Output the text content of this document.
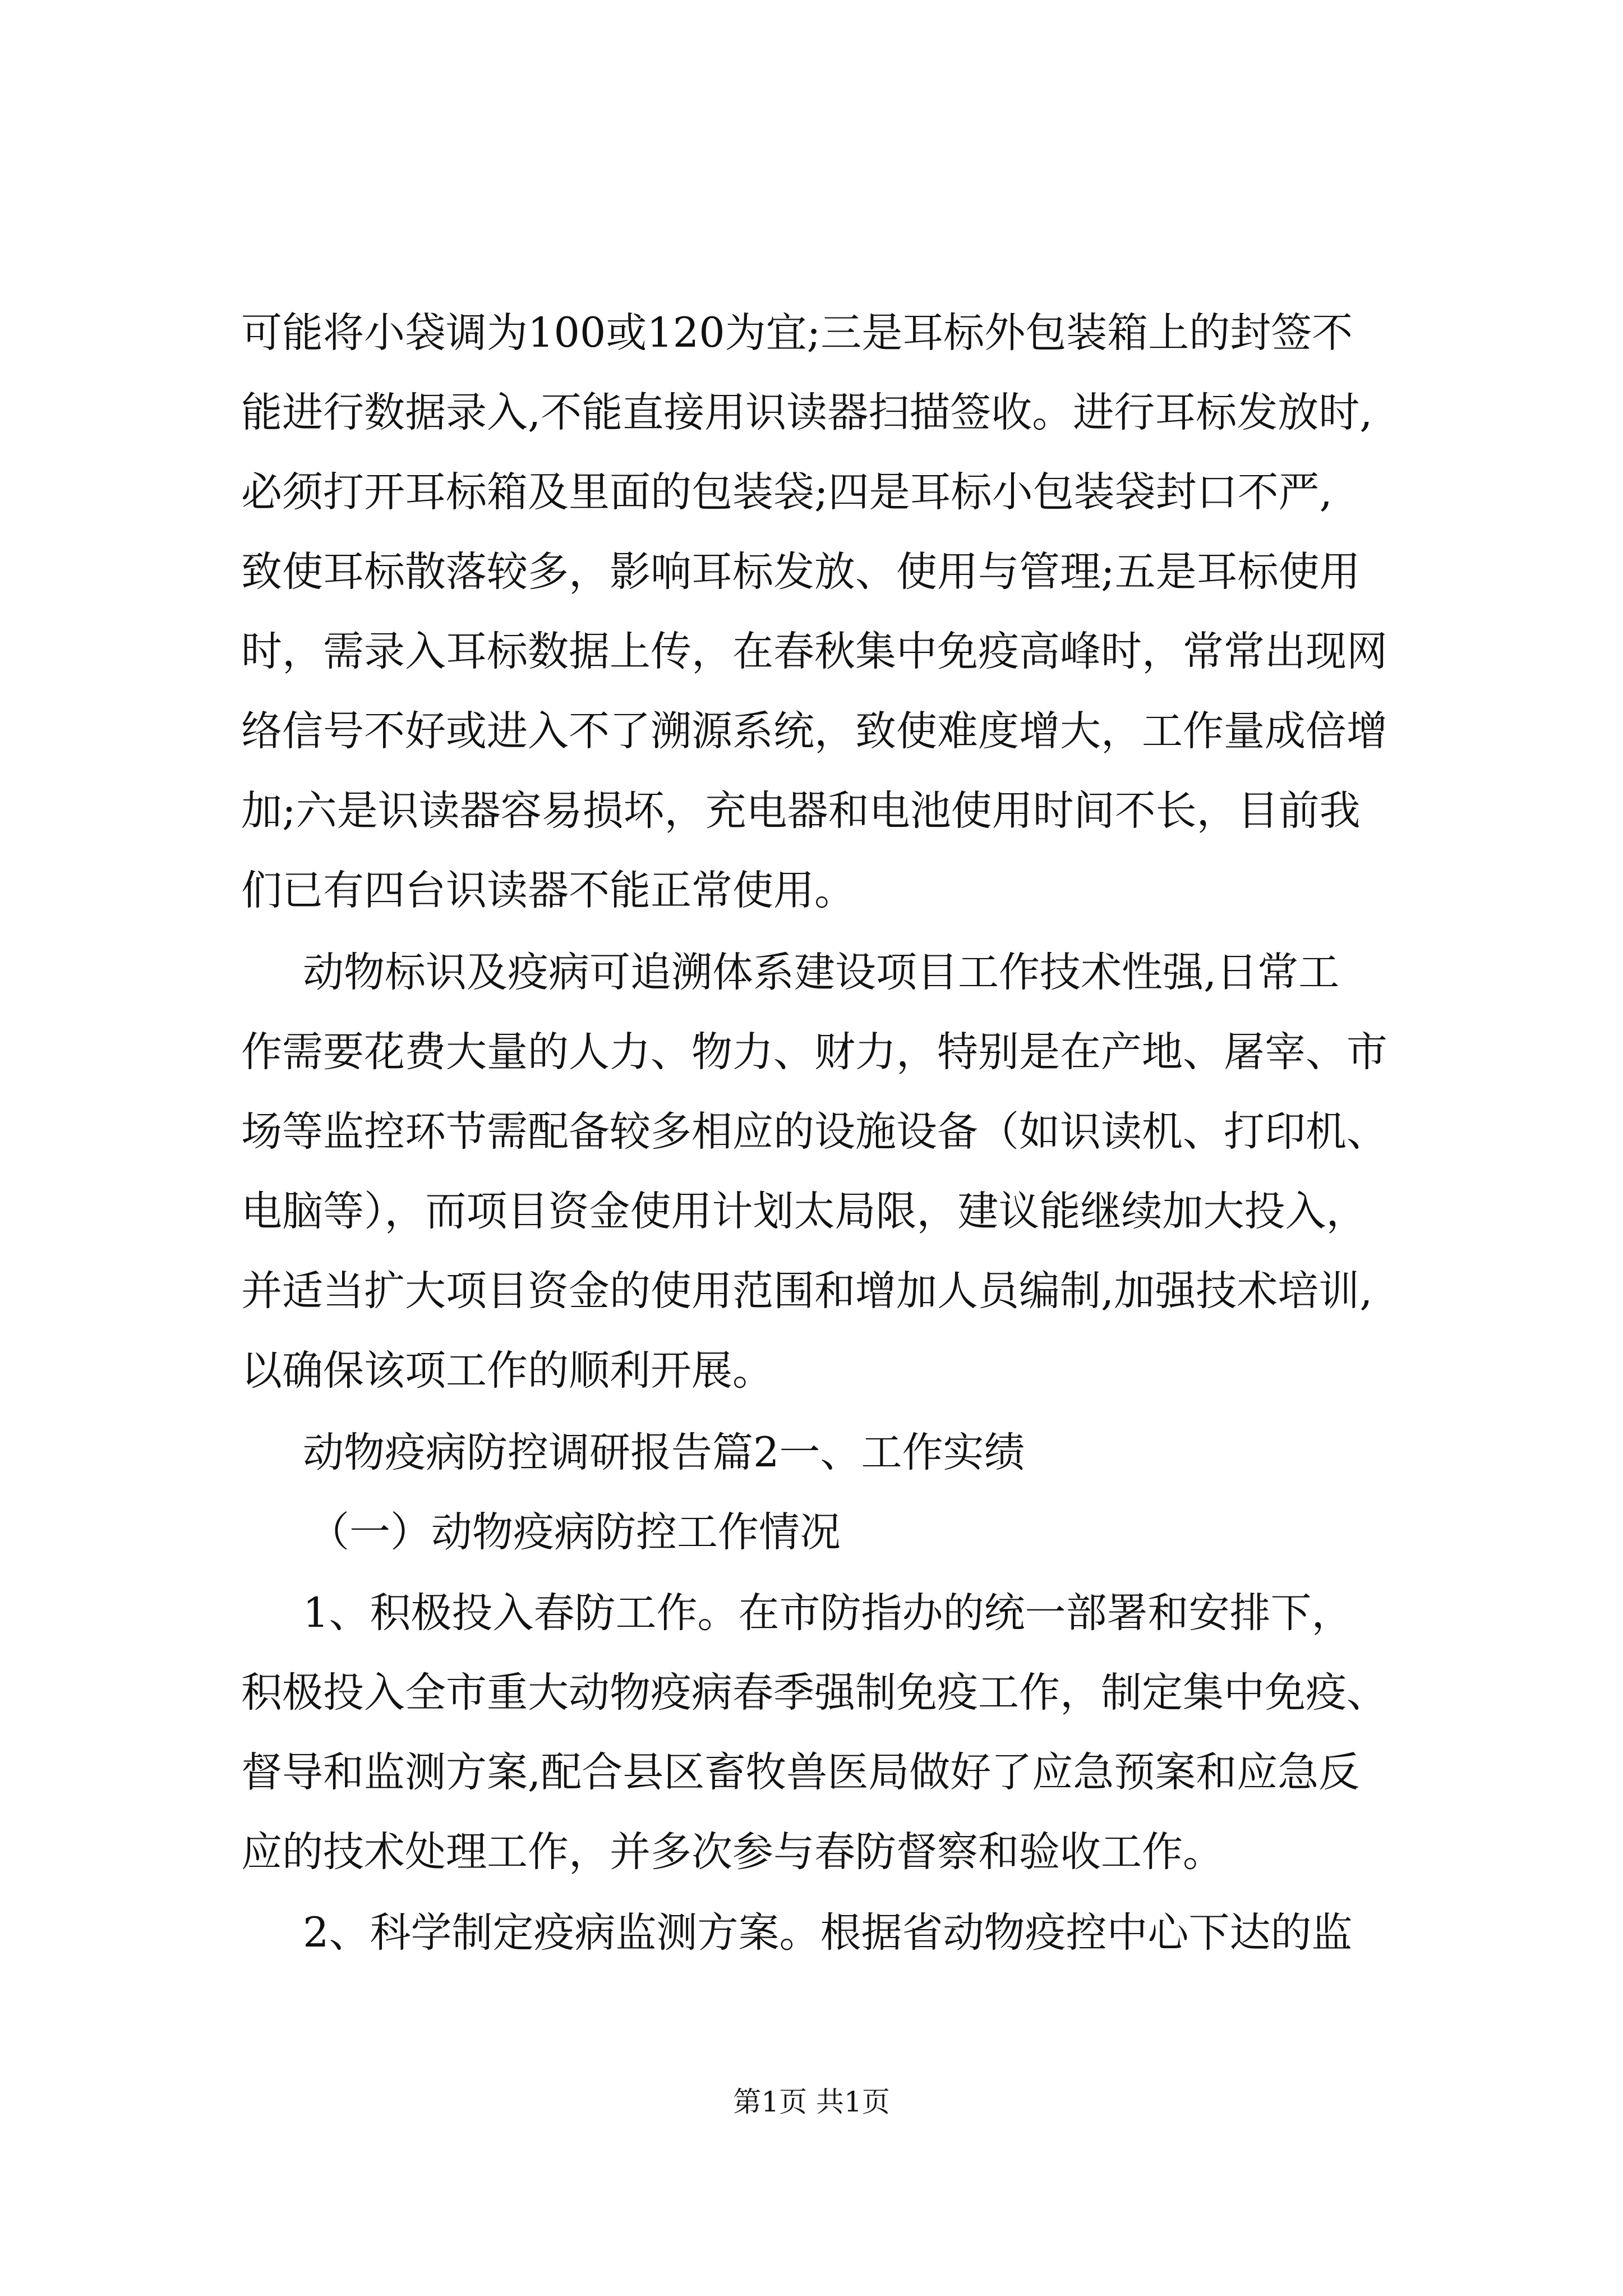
可能将小袋调为100或120为宜;三是耳标外包装箱上的封签不
能进行数据录入,不能直接用识读器扫描签收。进行耳标发放时,
必须打开耳标箱及里面的包装袋;四是耳标小包装袋封口不严,
致使耳标散落较多，影响耳标发放、使用与管理;五是耳标使用
时，需录入耳标数据上传，在春秋集中免疫高峰时，常常出现网
络信号不好或进入不了溯源系统，致使难度增大，工作量成倍增
加;六是识读器容易损坏，充电器和电池使用时间不长，目前我
们已有四台识读器不能正常使用。
动物标识及疫病可追溯体系建设项目工作技术性强,日常工
作需要花费大量的人力、物力、财力，特别是在产地、屠宰、市
场等监控环节需配备较多相应的设施设备（如识读机、打印机、
电脑等），而项目资金使用计划太局限，建议能继续加大投入，
并适当扩大项目资金的使用范围和增加人员编制,加强技术培训,
以确保该项工作的顺利开展。
动物疫病防控调研报告篇2一、工作实绩
（一）动物疫病防控工作情况
1、积极投入春防工作。在市防指办的统一部署和安排下，
积极投入全市重大动物疫病春季强制免疫工作，制定集中免疫、
督导和监测方案,配合县区畜牧兽医局做好了应急预案和应急反
应的技术处理工作，并多次参与春防督察和验收工作。
2、科学制定疫病监测方案。根据省动物疫控中心下达的监
第1页 共1页
